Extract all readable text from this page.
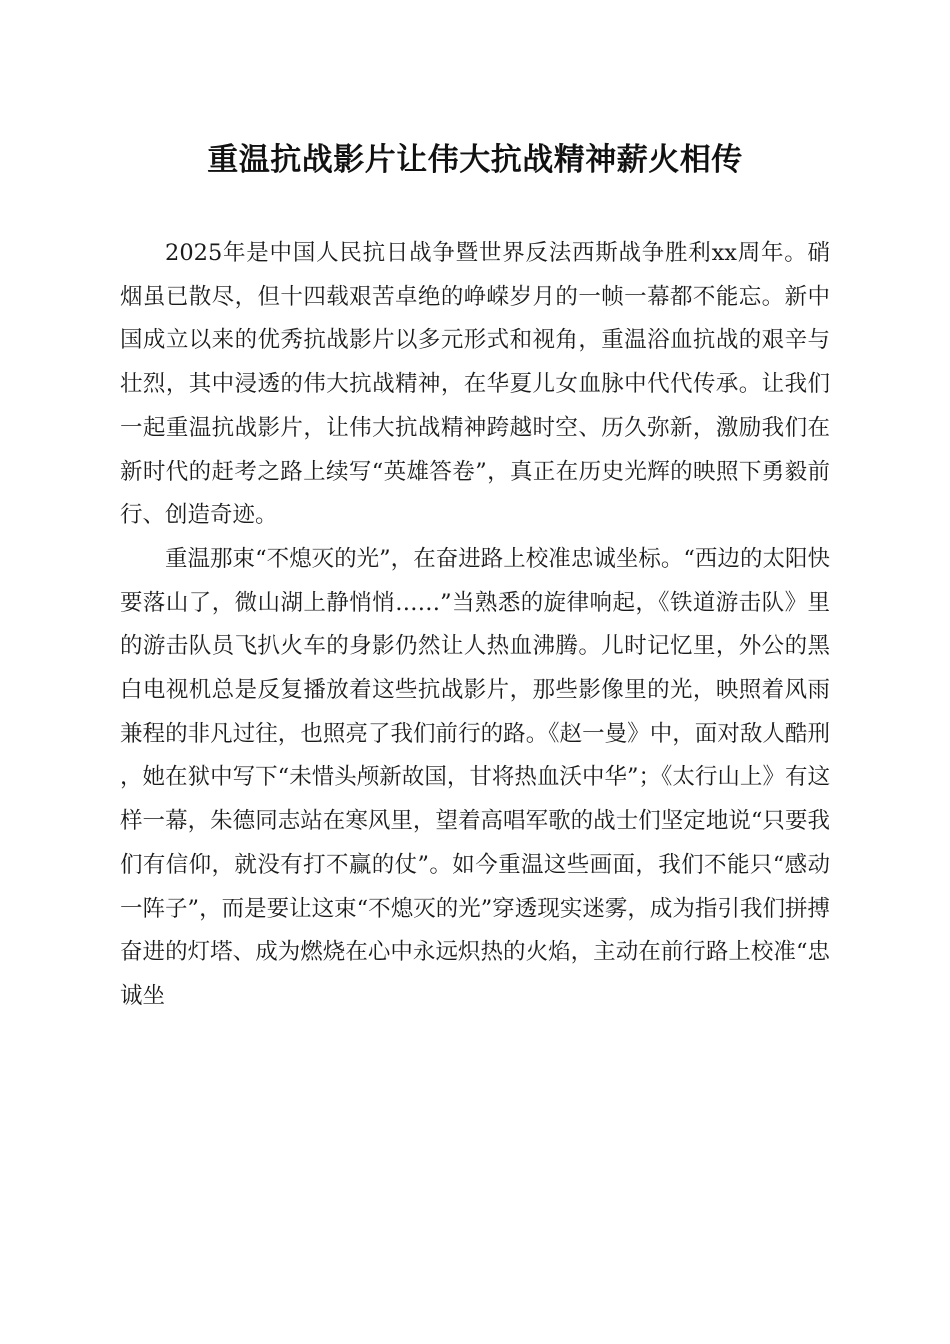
重温抗战影片让伟大抗战精神薪火相传

2025年是中国人民抗日战争暨世界反法西斯战争胜利xx周年。硝烟虽已散尽，但十四载艰苦卓绝的峥嵘岁月的一帧一幕都不能忘。新中国成立以来的优秀抗战影片以多元形式和视角，重温浴血抗战的艰辛与壮烈，其中浸透的伟大抗战精神，在华夏儿女血脉中代代传承。让我们一起重温抗战影片，让伟大抗战精神跨越时空、历久弥新，激励我们在新时代的赶考之路上续写“英雄答卷”，真正在历史光辉的映照下勇毅前行、创造奇迹。

重温那束“不熄灭的光”，在奋进路上校准忠诚坐标。“西边的太阳快要落山了，微山湖上静悄悄……”当熟悉的旋律响起，《铁道游击队》里的游击队员飞扒火车的身影仍然让人热血沸腾。儿时记忆里，外公的黑白电视机总是反复播放着这些抗战影片，那些影像里的光，映照着风雨兼程的非凡过往，也照亮了我们前行的路。《赵一曼》中，面对敌人酷刑，她在狱中写下“未惜头颅新故国，甘将热血沃中华”；《太行山上》有这样一幕，朱德同志站在寒风里，望着高唱军歌的战士们坚定地说“只要我们有信仰，就没有打不赢的仗”。如今重温这些画面，我们不能只“感动一阵子”，而是要让这束“不熄灭的光”穿透现实迷雾，成为指引我们拼搏奋进的灯塔、成为燃烧在心中永远炽热的火焰，主动在前行路上校准“忠诚坐
